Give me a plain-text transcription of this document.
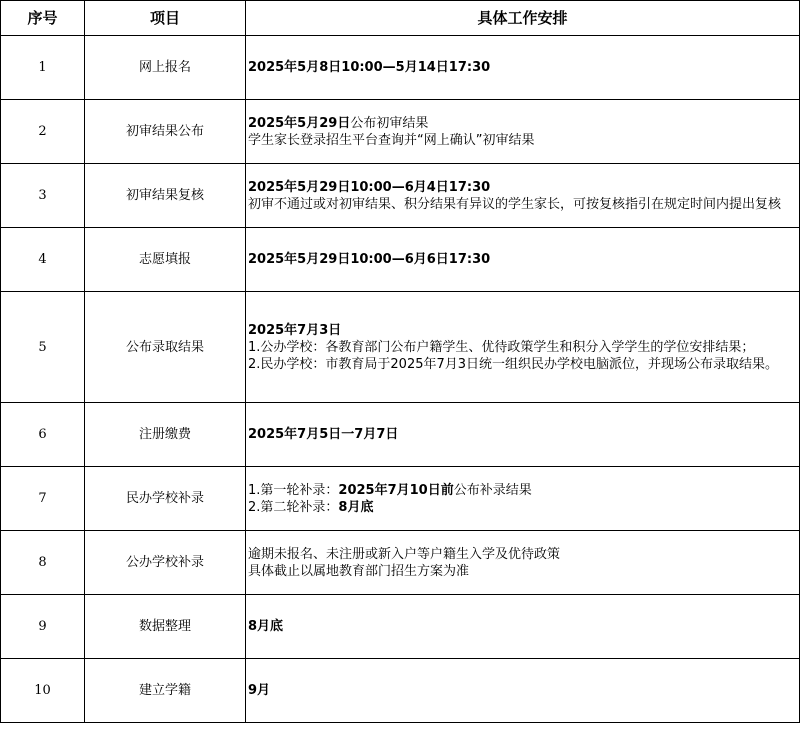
序号	项目	具体工作安排
1	网上报名	2025年5月8日10:00—5月14日17:30

2	初审结果公布	2025年5月29日公布初审结果
学生家长登录招生平台查询并“网上确认”初审结果

3	初审结果复核	2025年5月29日10:00—6月4日17:30
初审不通过或对初审结果、积分结果有异议的学生家长，可按复核指引在规定时间内提出复核

4	志愿填报	2025年5月29日10:00—6月6日17:30

5	公布录取结果	2025年7月3日
1.公办学校：各教育部门公布户籍学生、优待政策学生和积分入学学生的学位安排结果；
2.民办学校：市教育局于2025年7月3日统一组织民办学校电脑派位，并现场公布录取结果。

6	注册缴费	2025年7月5日一7月7日

7	民办学校补录	1.第一轮补录：2025年7月10日前公布补录结果
2.第二轮补录：8月底

8	公办学校补录	逾期未报名、未注册或新入户等户籍生入学及优待政策
具体截止以属地教育部门招生方案为准

9	数据整理	8月底

10	建立学籍	9月
